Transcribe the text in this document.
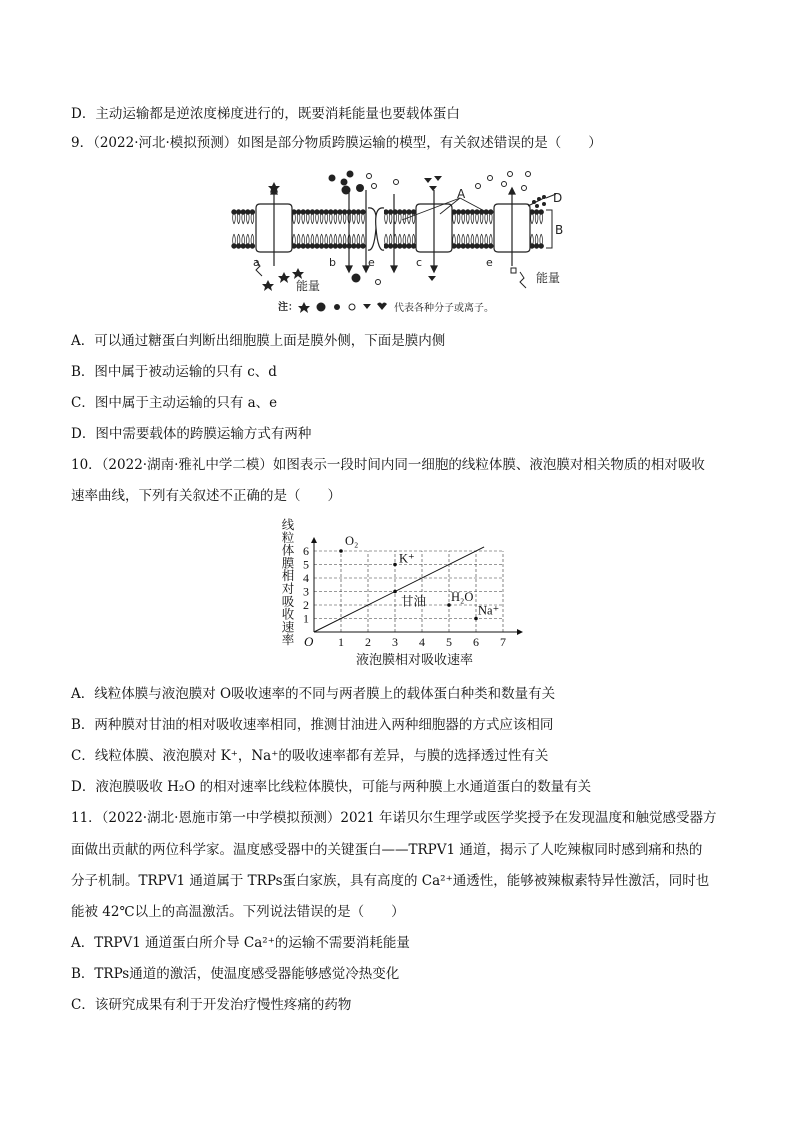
D．主动运输都是逆浓度梯度进行的，既要消耗能量也要载体蛋白
9．（2022·河北·模拟预测）如图是部分物质跨膜运输的模型，有关叙述错误的是（　　）
a	b	e	c	e
A
B
D
能量
能量
注：	代表各种分子或离子。
A．可以通过糖蛋白判断出细胞膜上面是膜外侧，下面是膜内侧
B．图中属于被动运输的只有 c、d
C．图中属于主动运输的只有 a、e
D．图中需要载体的跨膜运输方式有两种
10．（2022·湖南·雅礼中学二模）如图表示一段时间内同一细胞的线粒体膜、液泡膜对相关物质的相对吸收
速率曲线，下列有关叙述不正确的是（　　）
1 2 3 4 5 6 7
1
2
3
4
5
6
O
液泡膜相对吸收速率
线
粒
体
膜
相
对
吸
收
速
率
O₂
K⁺
甘油 H₂O
Na⁺
A．线粒体膜与液泡膜对 O吸收速率的不同与两者膜上的载体蛋白种类和数量有关
B．两种膜对甘油的相对吸收速率相同，推测甘油进入两种细胞器的方式应该相同
C．线粒体膜、液泡膜对 K⁺，Na⁺的吸收速率都有差异，与膜的选择透过性有关
D．液泡膜吸收 H₂O 的相对速率比线粒体膜快，可能与两种膜上水通道蛋白的数量有关
11．（2022·湖北·恩施市第一中学模拟预测）2021 年诺贝尔生理学或医学奖授予在发现温度和触觉感受器方
面做出贡献的两位科学家。温度感受器中的关键蛋白——TRPV1 通道，揭示了人吃辣椒同时感到痛和热的
分子机制。TRPV1 通道属于 TRPs蛋白家族，具有高度的 Ca²⁺通透性，能够被辣椒素特异性激活，同时也
能被 42℃以上的高温激活。下列说法错误的是（　　）
A．TRPV1 通道蛋白所介导 Ca²⁺的运输不需要消耗能量
B．TRPs通道的激活，使温度感受器能够感觉冷热变化
C．该研究成果有利于开发治疗慢性疼痛的药物
